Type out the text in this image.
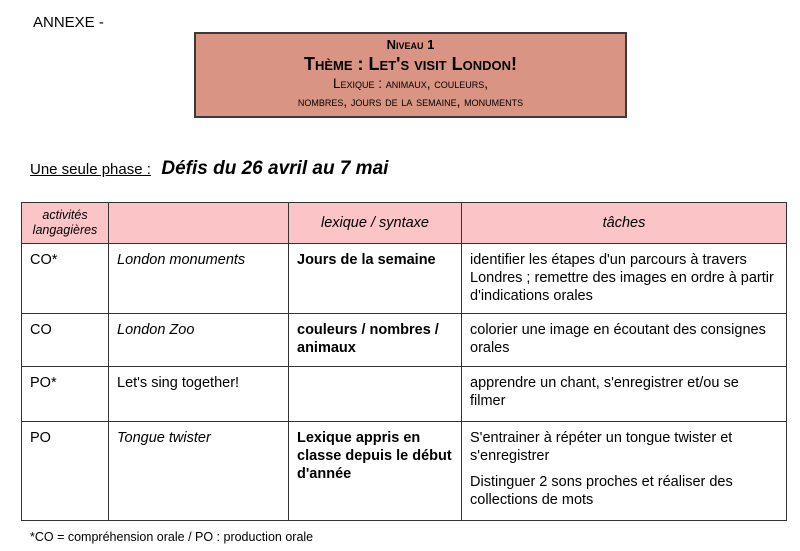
ANNEXE -
Niveau 1
Thème : Let's visit London!
Lexique : animaux, couleurs,
nombres, jours de la semaine, monuments
Une seule phase : Défis du 26 avril au 7 mai
activités langagières		lexique / syntaxe	tâches
CO*	London monuments	Jours de la semaine	identifier les étapes d'un parcours à travers Londres ; remettre des images en ordre à partir d'indications orales
CO	London Zoo	couleurs / nombres / animaux	colorier une image en écoutant des consignes orales
PO*	Let's sing together!		apprendre un chant, s'enregistrer et/ou se filmer
PO	Tongue twister	Lexique appris en classe depuis le début d'année	S'entrainer à répéter un tongue twister et s'enregistrer
Distinguer 2 sons proches et réaliser des collections de mots
*CO = compréhension orale / PO : production orale
